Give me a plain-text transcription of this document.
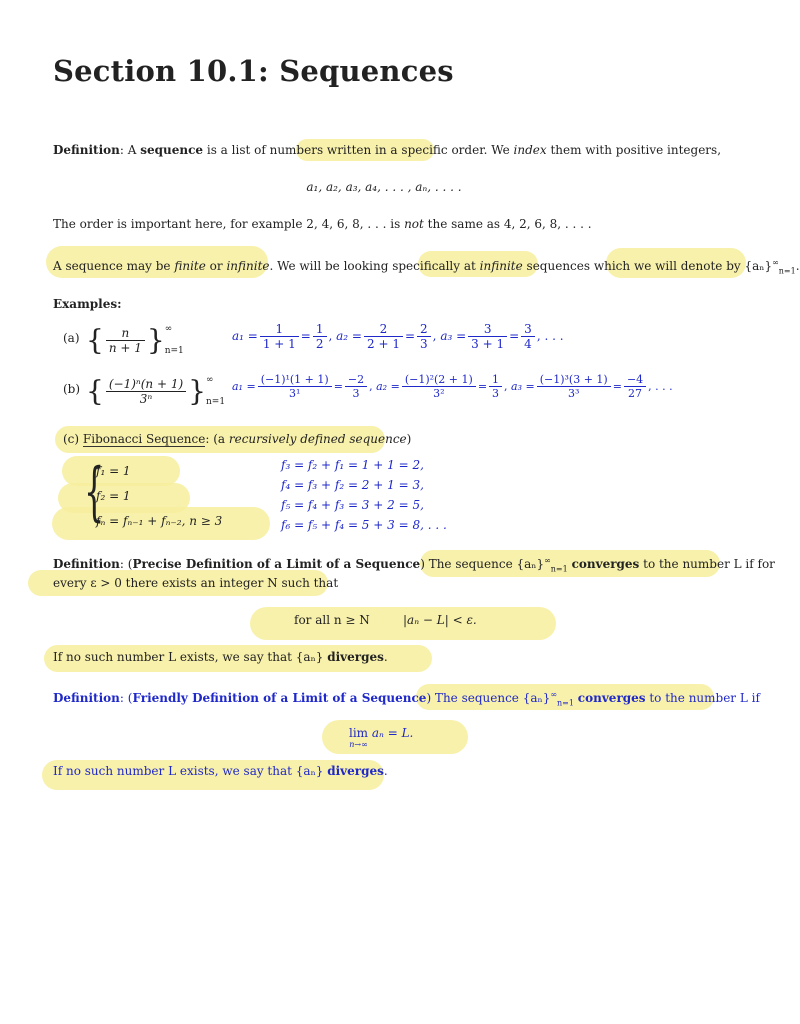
Section 10.1: Sequences
Definition: A sequence is a list of numbers written in a specific order. We index them with positive integers,
a₁, a₂, a₃, a₄, . . . , aₙ, . . . .
The order is important here, for example 2, 4, 6, 8, . . . is not the same as 4, 2, 6, 8, . . . .
A sequence may be finite or infinite. We will be looking specifically at infinite sequences which we will denote by $\{a_n\}^\infty_{n=1}$.
Examples:
(a) { $\frac{n}{n + 1}$ } ∞
n=1
$a_1 = \frac{1}{1 + 1} = \frac{1}{2}$ , $a_2 = \frac{2}{2 + 1} = \frac{2}{3}$ , $a_3 = \frac{3}{3 + 1} = \frac{3}{4}$ , . . .
(b) { $\frac{\text{(−1)ⁿ(n + 1)}}{\text{3ⁿ}}$ } ∞
n=1
$a_1 = \frac{\text{(−1)¹(1 + 1)}}{\text{3¹}} = \frac{-2}{3}$ , $a_2 = \frac{\text{(−1)²(2 + 1)}}{\text{3²}} = \frac{1}{3}$ , $a_3 = \frac{\text{(−1)³(3 + 1)}}{\text{3³}} = \frac{-4}{27}$ , . . .
(c) Fibonacci Sequence: (a recursively defined sequence)
{
f₁ = 1
f₂ = 1
fₙ = fₙ₋₁ + fₙ₋₂, n ≥ 3
f₃ = f₂ + f₁ = 1 + 1 = 2,
f₄ = f₃ + f₂ = 2 + 1 = 3,
f₅ = f₄ + f₃ = 3 + 2 = 5,
f₆ = f₅ + f₄ = 5 + 3 = 8, . . .
Definition: (Precise Definition of a Limit of a Sequence) The sequence $\{a_n\}^\infty_{n=1}$ converges to the number L if for
every ε > 0 there exists an integer N such that
for all n ≥ N	|aₙ − L| < ε.
If no such number L exists, we say that {aₙ} diverges.
Definition: (Friendly Definition of a Limit of a Sequence) The sequence $\{a_n\}^\infty_{n=1}$ converges to the number L if
lim
n→∞
aₙ = L.
If no such number L exists, we say that {aₙ} diverges.
